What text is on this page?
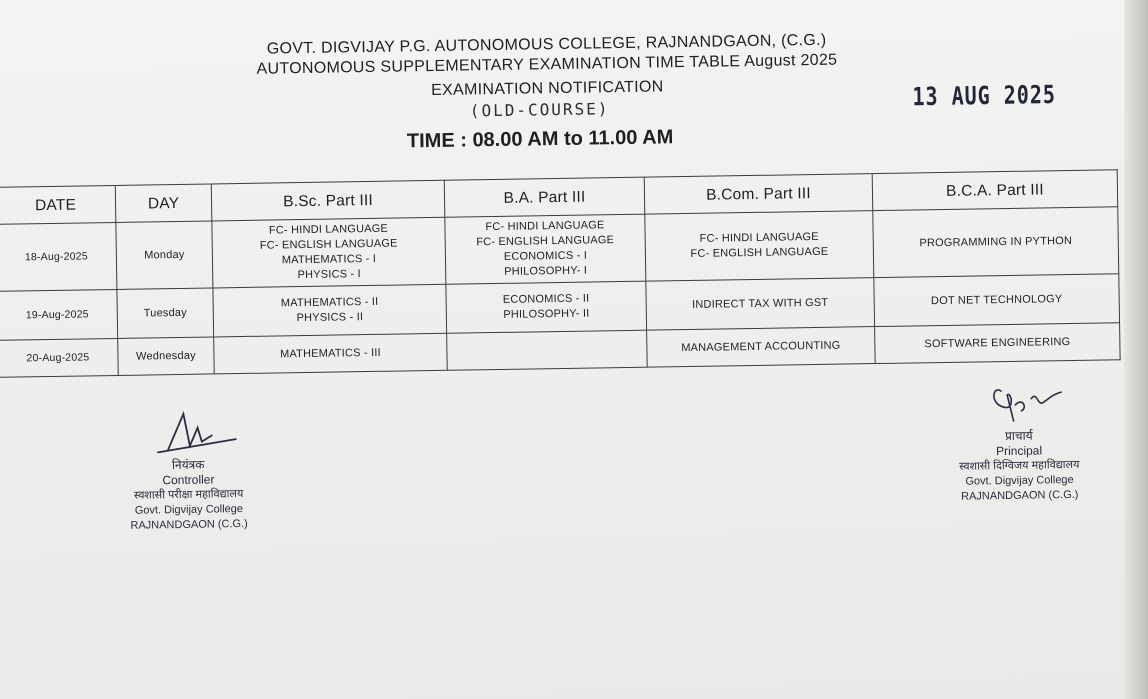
GOVT. DIGVIJAY P.G. AUTONOMOUS COLLEGE, RAJNANDGAON, (C.G.)
AUTONOMOUS SUPPLEMENTARY EXAMINATION TIME TABLE August 2025
EXAMINATION NOTIFICATION
(OLD-COURSE)
TIME : 08.00 AM to 11.00 AM
13 AUG 2025
DATE	DAY	B.Sc. Part III	B.A. Part III	B.Com. Part III	B.C.A. Part III
18-Aug-2025	Monday	FC- HINDI LANGUAGE
FC- ENGLISH LANGUAGE
MATHEMATICS - I
PHYSICS - I	FC- HINDI LANGUAGE
FC- ENGLISH LANGUAGE
ECONOMICS - I
PHILOSOPHY- I	FC- HINDI LANGUAGE
FC- ENGLISH LANGUAGE	PROGRAMMING IN PYTHON

19-Aug-2025	Tuesday	MATHEMATICS - II
PHYSICS - II	ECONOMICS - II
PHILOSOPHY- II	INDIRECT TAX WITH GST	DOT NET TECHNOLOGY

20-Aug-2025	Wednesday	MATHEMATICS - III		MANAGEMENT ACCOUNTING	SOFTWARE ENGINEERING
नियंत्रक
Controller
स्वशासी परीक्षा महाविद्यालय
Govt. Digvijay College
RAJNANDGAON (C.G.)
प्राचार्य
Principal
स्वशासी दिग्विजय महाविद्यालय
Govt. Digvijay College
RAJNANDGAON (C.G.)
